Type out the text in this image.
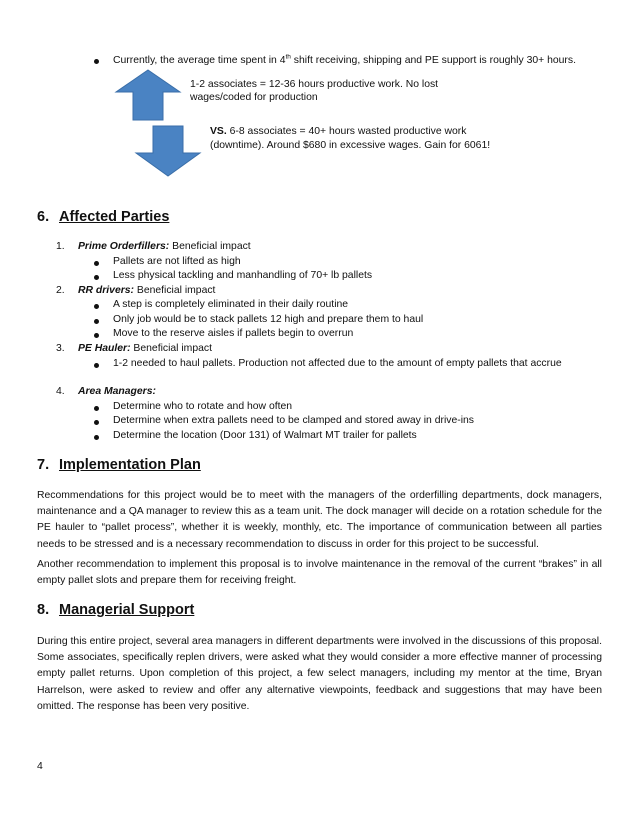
Currently, the average time spent in 4th shift receiving, shipping and PE support is roughly 30+ hours.
1-2 associates = 12-36 hours productive work. No lost
wages/coded for production
VS. 6-8 associates = 40+ hours wasted productive work
(downtime). Around $680 in excessive wages. Gain for 6061!
6. Affected Parties
1. Prime Orderfillers: Beneficial impact
Pallets are not lifted as high
Less physical tackling and manhandling of 70+ lb pallets
2. RR drivers: Beneficial impact
A step is completely eliminated in their daily routine
Only job would be to stack pallets 12 high and prepare them to haul
Move to the reserve aisles if pallets begin to overrun
3. PE Hauler: Beneficial impact
1-2 needed to haul pallets. Production not affected due to the amount of empty pallets that accrue
4. Area Managers:
Determine who to rotate and how often
Determine when extra pallets need to be clamped and stored away in drive-ins
Determine the location (Door 131) of Walmart MT trailer for pallets
7. Implementation Plan
Recommendations for this project would be to meet with the managers of the orderfilling departments, dock managers, maintenance and a QA manager to review this as a team unit. The dock manager will decide on a rotation schedule for the PE hauler to “pallet process”, whether it is weekly, monthly, etc. The importance of communication between all parties needs to be stressed and is a necessary recommendation to discuss in order for this project to be successful.
Another recommendation to implement this proposal is to involve maintenance in the removal of the current “brakes” in all empty pallet slots and prepare them for receiving freight.
8. Managerial Support
During this entire project, several area managers in different departments were involved in the discussions of this proposal. Some associates, specifically replen drivers, were asked what they would consider a more effective manner of processing empty pallet returns. Upon completion of this project, a few select managers, including my mentor at the time, Bryan Harrelson, were asked to review and offer any alternative viewpoints, feedback and suggestions that may have been omitted. The response has been very positive.
4
